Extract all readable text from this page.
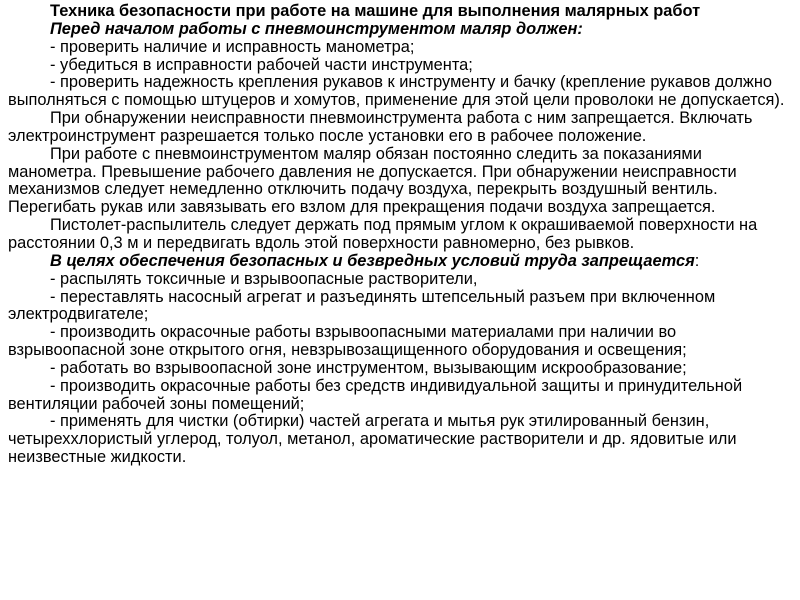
Техника безопасности при работе на машине для выполнения малярных работ

Перед началом работы с пневмоинструментом маляр должен:

- проверить наличие и исправность манометра;

- убедиться в исправности рабочей части инструмента;

- проверить надежность крепления рукавов к инструменту и бачку (крепление рукавов должно выполняться с помощью штуцеров и хомутов, применение для этой цели проволоки не допускается).

При обнаружении неисправности пневмоинструмента работа с ним запрещается. Включать электроинструмент разрешается только после установки его в рабочее положение.

При работе с пневмоинструментом маляр обязан постоянно следить за показаниями манометра. Превышение рабочего давления не допускается. При обнаружении неисправности механизмов следует немедленно отключить подачу воздуха, перекрыть воздушный вентиль. Перегибать рукав или завязывать его взлом для прекращения подачи воздуха запрещается.

Пистолет-распылитель следует держать под прямым углом к окрашиваемой поверхности на расстоянии 0,3 м и передвигать вдоль этой поверхности равномерно, без рывков.

В целях обеспечения безопасных и безвредных условий труда запрещается:

- распылять токсичные и взрывоопасные растворители,

- переставлять насосный агрегат и разъединять штепсельный разъем при включенном электродвигателе;

- производить окрасочные работы взрывоопасными материалами при наличии во взрывоопасной зоне открытого огня, невзрывозащищенного оборудования и освещения;

- работать во взрывоопасной зоне инструментом, вызывающим искрообразование;

- производить окрасочные работы без средств индивидуальной защиты и принудительной вентиляции рабочей зоны помещений;

- применять для чистки (обтирки) частей агрегата и мытья рук этилированный бензин, четыреххлористый углерод, толуол, метанол, ароматические растворители и др. ядовитые или неизвестные жидкости.
